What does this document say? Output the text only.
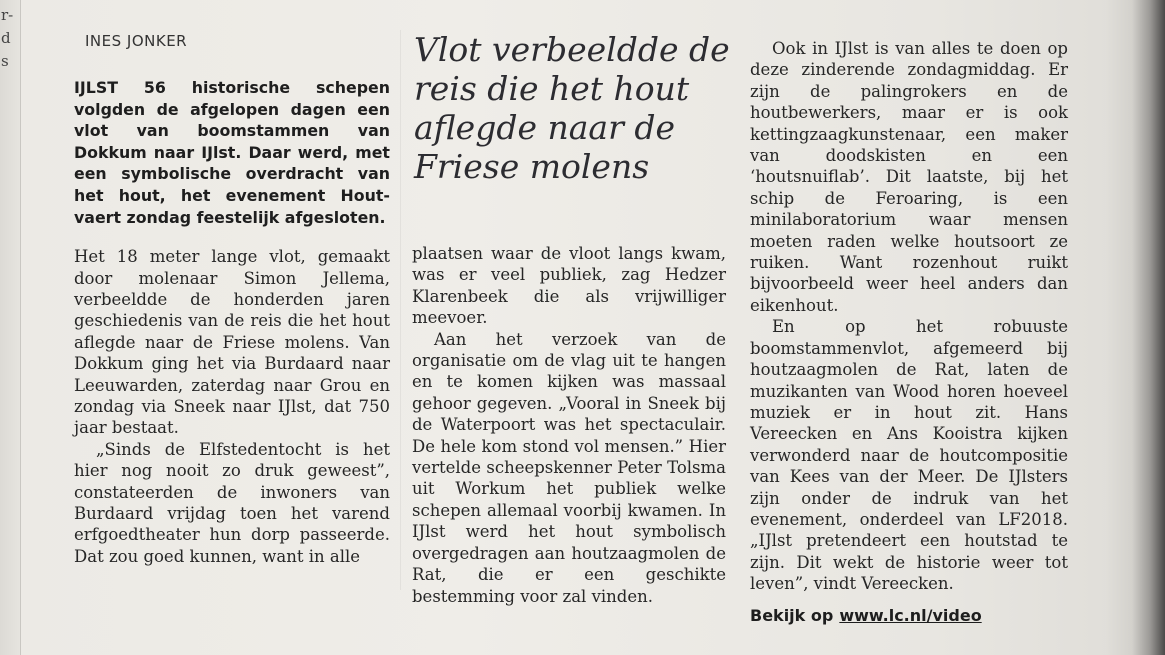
r-
d
s
INES JONKER	Vlot verbeeldde de reis die het hout aflegde naar de Friese molens

IJLST 56 historische schepen volgden de afgelopen dagen een vlot van boomstammen van Dokkum naar IJlst. Daar werd, met een symbolische overdracht van het hout, het evenement Hout-vaert zondag feestelijk afgesloten.

Het 18 meter lange vlot, gemaakt door molenaar Simon Jellema, verbeeldde de honderden jaren geschiedenis van de reis die het hout aflegde naar de Friese molens. Van Dokkum ging het via Burdaard naar Leeuwarden, zaterdag naar Grou en zondag via Sneek naar IJlst, dat 750 jaar bestaat.

„Sinds de Elfstedentocht is het hier nog nooit zo druk geweest”, constateerden de inwoners van Burdaard vrijdag toen het varend erfgoedtheater hun dorp passeerde. Dat zou goed kunnen, want in alle

plaatsen waar de vloot langs kwam, was er veel publiek, zag Hedzer Klarenbeek die als vrijwilliger meevoer.

Aan het verzoek van de organisatie om de vlag uit te hangen en te komen kijken was massaal gehoor gegeven. „Vooral in Sneek bij de Waterpoort was het spectaculair. De hele kom stond vol mensen.” Hier vertelde scheepskenner Peter Tolsma uit Workum het publiek welke schepen allemaal voorbij kwamen. In IJlst werd het hout symbolisch overgedragen aan houtzaagmolen de Rat, die er een geschikte bestemming voor zal vinden.

Ook in IJlst is van alles te doen op deze zinderende zondagmiddag. Er zijn de palingrokers en de houtbewerkers, maar er is ook kettingzaagkunstenaar, een maker van doodskisten en een ‘houtsnuiflab’. Dit laatste, bij het schip de Feroaring, is een minilaboratorium waar mensen moeten raden welke houtsoort ze ruiken. Want rozenhout ruikt bijvoorbeeld weer heel anders dan eikenhout.

En op het robuuste boomstammenvlot, afgemeerd bij houtzaagmolen de Rat, laten de muzikanten van Wood horen hoeveel muziek er in hout zit. Hans Vereecken en Ans Kooistra kijken verwonderd naar de houtcompositie van Kees van der Meer. De IJlsters zijn onder de indruk van het evenement, onderdeel van LF2018. „IJlst pretendeert een houtstad te zijn. Dit wekt de historie weer tot leven”, vindt Vereecken.

Bekijk op www.lc.nl/video
